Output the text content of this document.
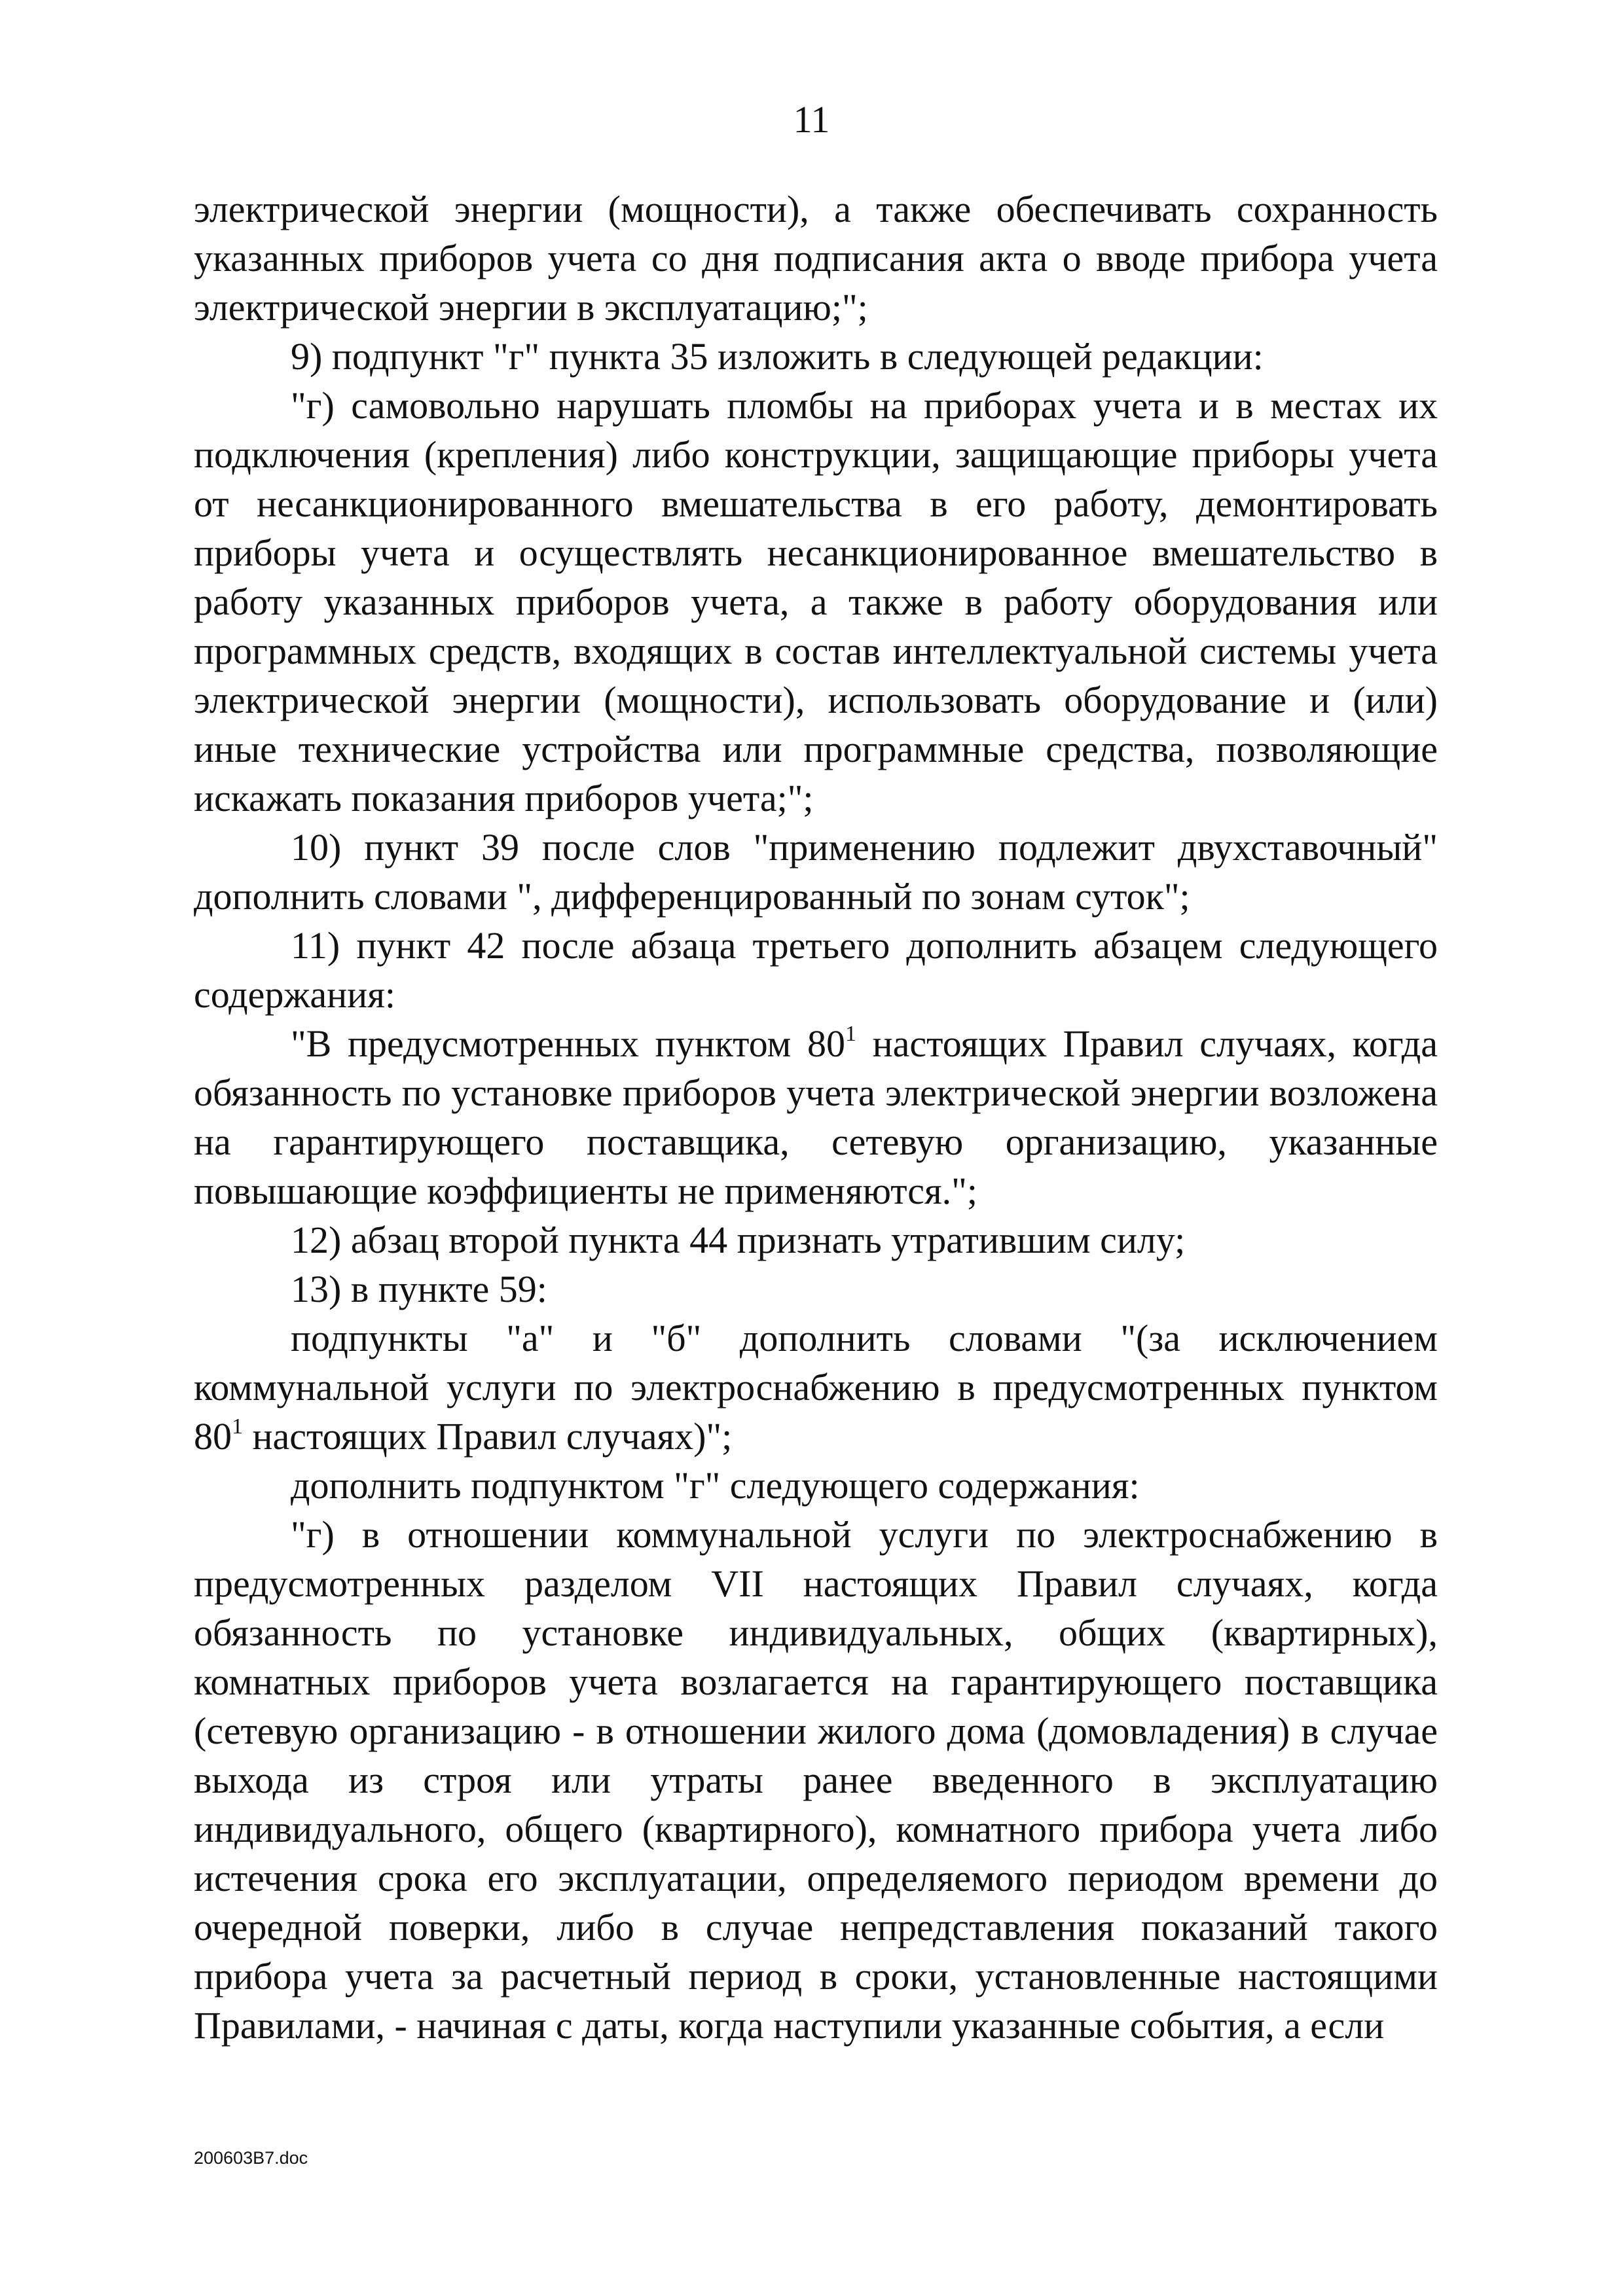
11

электрической энергии (мощности), а также обеспечивать сохранность указанных приборов учета со дня подписания акта о вводе прибора учета электрической энергии в эксплуатацию;";

9) подпункт "г" пункта 35 изложить в следующей редакции:

"г) самовольно нарушать пломбы на приборах учета и в местах их подключения (крепления) либо конструкции, защищающие приборы учета от несанкционированного вмешательства в его работу, демонтировать приборы учета и осуществлять несанкционированное вмешательство в работу указанных приборов учета, а также в работу оборудования или программных средств, входящих в состав интеллектуальной системы учета электрической энергии (мощности), использовать оборудование и (или) иные технические устройства или программные средства, позволяющие искажать показания приборов учета;";

10) пункт 39 после слов "применению подлежит двухставочный" дополнить словами ", дифференцированный по зонам суток";

11) пункт 42 после абзаца третьего дополнить абзацем следующего содержания:

"В предусмотренных пунктом $80^1$ настоящих Правил случаях, когда обязанность по установке приборов учета электрической энергии возложена на гарантирующего поставщика, сетевую организацию, указанные повышающие коэффициенты не применяются.";

12) абзац второй пункта 44 признать утратившим силу;

13) в пункте 59:

подпункты "а" и "б" дополнить словами "(за исключением коммунальной услуги по электроснабжению в предусмотренных пунктом $80^1$ настоящих Правил случаях)";

дополнить подпунктом "г" следующего содержания:

"г) в отношении коммунальной услуги по электроснабжению в предусмотренных разделом VII настоящих Правил случаях, когда обязанность по установке индивидуальных, общих (квартирных), комнатных приборов учета возлагается на гарантирующего поставщика (сетевую организацию - в отношении жилого дома (домовладения) в случае выхода из строя или утраты ранее введенного в эксплуатацию индивидуального, общего (квартирного), комнатного прибора учета либо истечения срока его эксплуатации, определяемого периодом времени до очередной поверки, либо в случае непредставления показаний такого прибора учета за расчетный период в сроки, установленные настоящими Правилами, - начиная с даты, когда наступили указанные события, а если

200603B7.doc
